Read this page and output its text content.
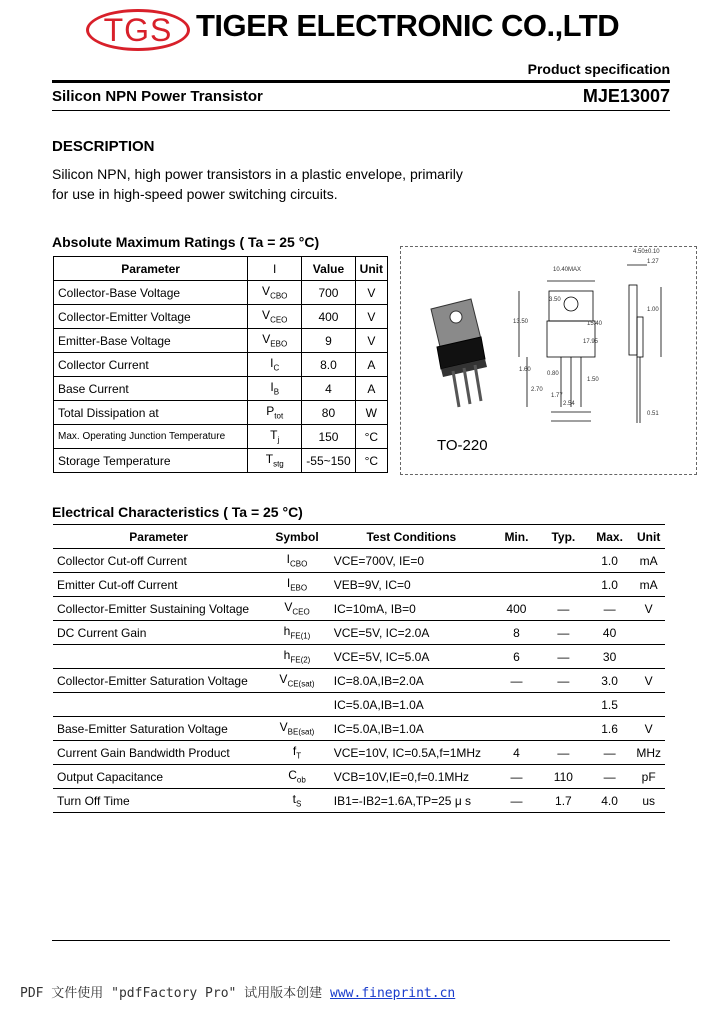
TGS TIGER ELECTRONIC CO.,LTD
Product specification
Silicon NPN Power Transistor	MJE13007
DESCRIPTION
Silicon NPN, high power transistors in a plastic envelope, primarily
for use in high-speed power switching circuits.
Absolute Maximum Ratings ( Ta = 25 °C)
Parameter	I	Value	Unit
Collector-Base Voltage	$V_{CBO}$	700	V
Collector-Emitter Voltage	$V_{CEO}$	400	V
Emitter-Base Voltage	$V_{EBO}$	9	V
Collector Current	$I_C$	8.0	A
Base Current	$I_B$	4	A
Total Dissipation at	$P_{tot}$	80	W
Max. Operating Junction Temperature	$T_j$	150	°C
Storage Temperature	$T_{stg}$	-55~150	°C
TO-220
10.40MAX
4.50±0.10
1.27
1.00
15.40
3.50
17.95
1.60
0.80
1.50
2.54
1.77
0.51
13.50
2.70
Electrical Characteristics ( Ta = 25 °C)
Parameter	Symbol	Test Conditions	Min.	Typ.	Max.	Unit
Collector Cut-off Current	$I_{CBO}$	VCE=700V, IE=0			1.0	mA
Emitter Cut-off Current	$I_{EBO}$	VEB=9V, IC=0			1.0	mA
Collector-Emitter Sustaining Voltage	$V_{CEO}$	IC=10mA, IB=0	400	—	—	V
DC Current Gain	$h_{FE(1)}$	VCE=5V, IC=2.0A	8	—	40	
	$h_{FE(2)}$	VCE=5V, IC=5.0A	6	—	30	
Collector-Emitter Saturation Voltage	$V_{CE(sat)}$	IC=8.0A,IB=2.0A	—	—	3.0	V
		IC=5.0A,IB=1.0A			1.5	
Base-Emitter Saturation Voltage	$V_{BE(sat)}$	IC=5.0A,IB=1.0A			1.6	V
Current Gain Bandwidth Product	$f_T$	VCE=10V, IC=0.5A,f=1MHz	4	—	—	MHz
Output Capacitance	$C_{ob}$	VCB=10V,IE=0,f=0.1MHz	—	110	—	pF
Turn Off Time	$t_S$	IB1=-IB2=1.6A,TP=25 μ s	—	1.7	4.0	us
PDF 文件使用 "pdfFactory Pro" 试用版本创建 www.fineprint.cn
